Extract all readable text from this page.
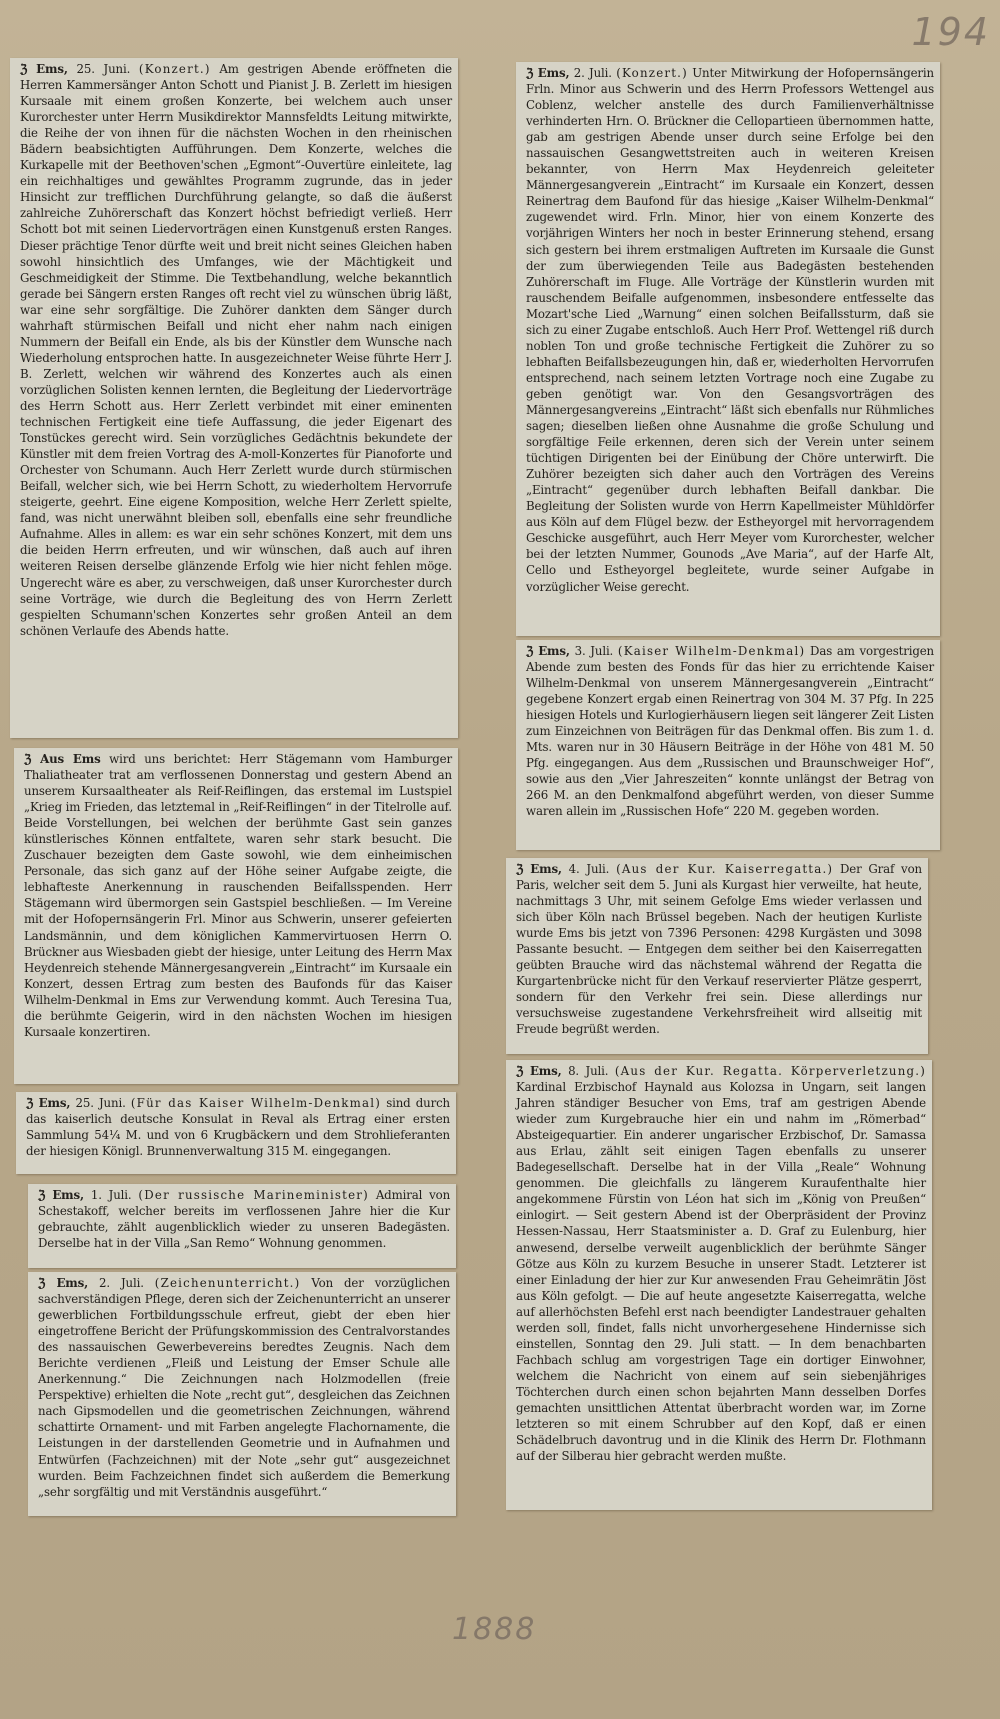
194
ℨ Ems, 25. Juni. (Konzert.) Am gestrigen Abende eröffneten die Herren Kammersänger Anton Schott und Pianist J. B. Zerlett im hiesigen Kursaale mit einem großen Konzerte, bei welchem auch unser Kurorchester unter Herrn Musikdirektor Mannsfeldts Leitung mitwirkte, die Reihe der von ihnen für die nächsten Wochen in den rheinischen Bädern beabsichtigten Aufführungen. Dem Konzerte, welches die Kurkapelle mit der Beethoven'schen „Egmont“-Ouvertüre einleitete, lag ein reichhaltiges und gewähltes Programm zugrunde, das in jeder Hinsicht zur trefflichen Durchführung gelangte, so daß die äußerst zahlreiche Zuhörerschaft das Konzert höchst befriedigt verließ. Herr Schott bot mit seinen Liedervorträgen einen Kunstgenuß ersten Ranges. Dieser prächtige Tenor dürfte weit und breit nicht seines Gleichen haben sowohl hinsichtlich des Umfanges, wie der Mächtigkeit und Geschmeidigkeit der Stimme. Die Textbehandlung, welche bekanntlich gerade bei Sängern ersten Ranges oft recht viel zu wünschen übrig läßt, war eine sehr sorgfältige. Die Zuhörer dankten dem Sänger durch wahrhaft stürmischen Beifall und nicht eher nahm nach einigen Nummern der Beifall ein Ende, als bis der Künstler dem Wunsche nach Wiederholung entsprochen hatte. In ausgezeichneter Weise führte Herr J. B. Zerlett, welchen wir während des Konzertes auch als einen vorzüglichen Solisten kennen lernten, die Begleitung der Liedervorträge des Herrn Schott aus. Herr Zerlett verbindet mit einer eminenten technischen Fertigkeit eine tiefe Auffassung, die jeder Eigenart des Tonstückes gerecht wird. Sein vorzügliches Gedächtnis bekundete der Künstler mit dem freien Vortrag des A-moll-Konzertes für Pianoforte und Orchester von Schumann. Auch Herr Zerlett wurde durch stürmischen Beifall, welcher sich, wie bei Herrn Schott, zu wiederholtem Hervorrufe steigerte, geehrt. Eine eigene Komposition, welche Herr Zerlett spielte, fand, was nicht unerwähnt bleiben soll, ebenfalls eine sehr freundliche Aufnahme. Alles in allem: es war ein sehr schönes Konzert, mit dem uns die beiden Herrn erfreuten, und wir wünschen, daß auch auf ihren weiteren Reisen derselbe glänzende Erfolg wie hier nicht fehlen möge. Ungerecht wäre es aber, zu verschweigen, daß unser Kurorchester durch seine Vorträge, wie durch die Begleitung des von Herrn Zerlett gespielten Schumann'schen Konzertes sehr großen Anteil an dem schönen Verlaufe des Abends hatte.
ℨ Aus Ems wird uns berichtet: Herr Stägemann vom Hamburger Thaliatheater trat am verflossenen Donnerstag und gestern Abend an unserem Kursaaltheater als Reif-Reiflingen, das erstemal im Lustspiel „Krieg im Frieden, das letztemal in „Reif-Reiflingen“ in der Titelrolle auf. Beide Vorstellungen, bei welchen der berühmte Gast sein ganzes künstlerisches Können entfaltete, waren sehr stark besucht. Die Zuschauer bezeigten dem Gaste sowohl, wie dem einheimischen Personale, das sich ganz auf der Höhe seiner Aufgabe zeigte, die lebhafteste Anerkennung in rauschenden Beifallsspenden. Herr Stägemann wird übermorgen sein Gastspiel beschließen. — Im Vereine mit der Hofopernsängerin Frl. Minor aus Schwerin, unserer gefeierten Landsmännin, und dem königlichen Kammervirtuosen Herrn O. Brückner aus Wiesbaden giebt der hiesige, unter Leitung des Herrn Max Heydenreich stehende Männergesangverein „Eintracht“ im Kursaale ein Konzert, dessen Ertrag zum besten des Baufonds für das Kaiser Wilhelm-Denkmal in Ems zur Verwendung kommt. Auch Teresina Tua, die berühmte Geigerin, wird in den nächsten Wochen im hiesigen Kursaale konzertiren.
ℨ Ems, 25. Juni. (Für das Kaiser Wilhelm-Denkmal) sind durch das kaiserlich deutsche Konsulat in Reval als Ertrag einer ersten Sammlung 54¼ M. und von 6 Krugbäckern und dem Strohlieferanten der hiesigen Königl. Brunnenverwaltung 315 M. eingegangen.
ℨ Ems, 1. Juli. (Der russische Marineminister) Admiral von Schestakoff, welcher bereits im verflossenen Jahre hier die Kur gebrauchte, zählt augenblicklich wieder zu unseren Badegästen. Derselbe hat in der Villa „San Remo“ Wohnung genommen.
ℨ Ems, 2. Juli. (Zeichenunterricht.) Von der vorzüglichen sachverständigen Pflege, deren sich der Zeichenunterricht an unserer gewerblichen Fortbildungsschule erfreut, giebt der eben hier eingetroffene Bericht der Prüfungskommission des Centralvorstandes des nassauischen Gewerbevereins beredtes Zeugnis. Nach dem Berichte verdienen „Fleiß und Leistung der Emser Schule alle Anerkennung.“ Die Zeichnungen nach Holzmodellen (freie Perspektive) erhielten die Note „recht gut“, desgleichen das Zeichnen nach Gipsmodellen und die geometrischen Zeichnungen, während schattirte Ornament- und mit Farben angelegte Flachornamente, die Leistungen in der darstellenden Geometrie und in Aufnahmen und Entwürfen (Fachzeichnen) mit der Note „sehr gut“ ausgezeichnet wurden. Beim Fachzeichnen findet sich außerdem die Bemerkung „sehr sorgfältig und mit Verständnis ausgeführt.“
ℨ Ems, 2. Juli. (Konzert.) Unter Mitwirkung der Hofopernsängerin Frln. Minor aus Schwerin und des Herrn Professors Wettengel aus Coblenz, welcher anstelle des durch Familienverhältnisse verhinderten Hrn. O. Brückner die Cellopartieen übernommen hatte, gab am gestrigen Abende unser durch seine Erfolge bei den nassauischen Gesangwettstreiten auch in weiteren Kreisen bekannter, von Herrn Max Heydenreich geleiteter Männergesangverein „Eintracht“ im Kursaale ein Konzert, dessen Reinertrag dem Baufond für das hiesige „Kaiser Wilhelm-Denkmal“ zugewendet wird. Frln. Minor, hier von einem Konzerte des vorjährigen Winters her noch in bester Erinnerung stehend, ersang sich gestern bei ihrem erstmaligen Auftreten im Kursaale die Gunst der zum überwiegenden Teile aus Badegästen bestehenden Zuhörerschaft im Fluge. Alle Vorträge der Künstlerin wurden mit rauschendem Beifalle aufgenommen, insbesondere entfesselte das Mozart'sche Lied „Warnung“ einen solchen Beifallssturm, daß sie sich zu einer Zugabe entschloß. Auch Herr Prof. Wettengel riß durch noblen Ton und große technische Fertigkeit die Zuhörer zu so lebhaften Beifallsbezeugungen hin, daß er, wiederholten Hervorrufen entsprechend, nach seinem letzten Vortrage noch eine Zugabe zu geben genötigt war. Von den Gesangsvorträgen des Männergesangvereins „Eintracht“ läßt sich ebenfalls nur Rühmliches sagen; dieselben ließen ohne Ausnahme die große Schulung und sorgfältige Feile erkennen, deren sich der Verein unter seinem tüchtigen Dirigenten bei der Einübung der Chöre unterwirft. Die Zuhörer bezeigten sich daher auch den Vorträgen des Vereins „Eintracht“ gegenüber durch lebhaften Beifall dankbar. Die Begleitung der Solisten wurde von Herrn Kapellmeister Mühldörfer aus Köln auf dem Flügel bezw. der Estheyorgel mit hervorragendem Geschicke ausgeführt, auch Herr Meyer vom Kurorchester, welcher bei der letzten Nummer, Gounods „Ave Maria“, auf der Harfe Alt, Cello und Estheyorgel begleitete, wurde seiner Aufgabe in vorzüglicher Weise gerecht.
ℨ Ems, 3. Juli. (Kaiser Wilhelm-Denkmal) Das am vorgestrigen Abende zum besten des Fonds für das hier zu errichtende Kaiser Wilhelm-Denkmal von unserem Männergesangverein „Eintracht“ gegebene Konzert ergab einen Reinertrag von 304 M. 37 Pfg. In 225 hiesigen Hotels und Kurlogierhäusern liegen seit längerer Zeit Listen zum Einzeichnen von Beiträgen für das Denkmal offen. Bis zum 1. d. Mts. waren nur in 30 Häusern Beiträge in der Höhe von 481 M. 50 Pfg. eingegangen. Aus dem „Russischen und Braunschweiger Hof“, sowie aus den „Vier Jahreszeiten“ konnte unlängst der Betrag von 266 M. an den Denkmalfond abgeführt werden, von dieser Summe waren allein im „Russischen Hofe“ 220 M. gegeben worden.
ℨ Ems, 4. Juli. (Aus der Kur. Kaiserregatta.) Der Graf von Paris, welcher seit dem 5. Juni als Kurgast hier verweilte, hat heute, nachmittags 3 Uhr, mit seinem Gefolge Ems wieder verlassen und sich über Köln nach Brüssel begeben. Nach der heutigen Kurliste wurde Ems bis jetzt von 7396 Personen: 4298 Kurgästen und 3098 Passante besucht. — Entgegen dem seither bei den Kaiserregatten geübten Brauche wird das nächstemal während der Regatta die Kurgartenbrücke nicht für den Verkauf reservierter Plätze gesperrt, sondern für den Verkehr frei sein. Diese allerdings nur versuchsweise zugestandene Verkehrsfreiheit wird allseitig mit Freude begrüßt werden.
ℨ Ems, 8. Juli. (Aus der Kur. Regatta. Körperverletzung.) Kardinal Erzbischof Haynald aus Kolozsa in Ungarn, seit langen Jahren ständiger Besucher von Ems, traf am gestrigen Abende wieder zum Kurgebrauche hier ein und nahm im „Römerbad“ Absteigequartier. Ein anderer ungarischer Erzbischof, Dr. Samassa aus Erlau, zählt seit einigen Tagen ebenfalls zu unserer Badegesellschaft. Derselbe hat in der Villa „Reale“ Wohnung genommen. Die gleichfalls zu längerem Kuraufenthalte hier angekommene Fürstin von Léon hat sich im „König von Preußen“ einlogirt. — Seit gestern Abend ist der Oberpräsident der Provinz Hessen-Nassau, Herr Staatsminister a. D. Graf zu Eulenburg, hier anwesend, derselbe verweilt augenblicklich der berühmte Sänger Götze aus Köln zu kurzem Besuche in unserer Stadt. Letzterer ist einer Einladung der hier zur Kur anwesenden Frau Geheimrätin Jöst aus Köln gefolgt. — Die auf heute angesetzte Kaiserregatta, welche auf allerhöchsten Befehl erst nach beendigter Landestrauer gehalten werden soll, findet, falls nicht unvorhergesehene Hindernisse sich einstellen, Sonntag den 29. Juli statt. — In dem benachbarten Fachbach schlug am vorgestrigen Tage ein dortiger Einwohner, welchem die Nachricht von einem auf sein siebenjähriges Töchterchen durch einen schon bejahrten Mann desselben Dorfes gemachten unsittlichen Attentat überbracht worden war, im Zorne letzteren so mit einem Schrubber auf den Kopf, daß er einen Schädelbruch davontrug und in die Klinik des Herrn Dr. Flothmann auf der Silberau hier gebracht werden mußte.
1888
